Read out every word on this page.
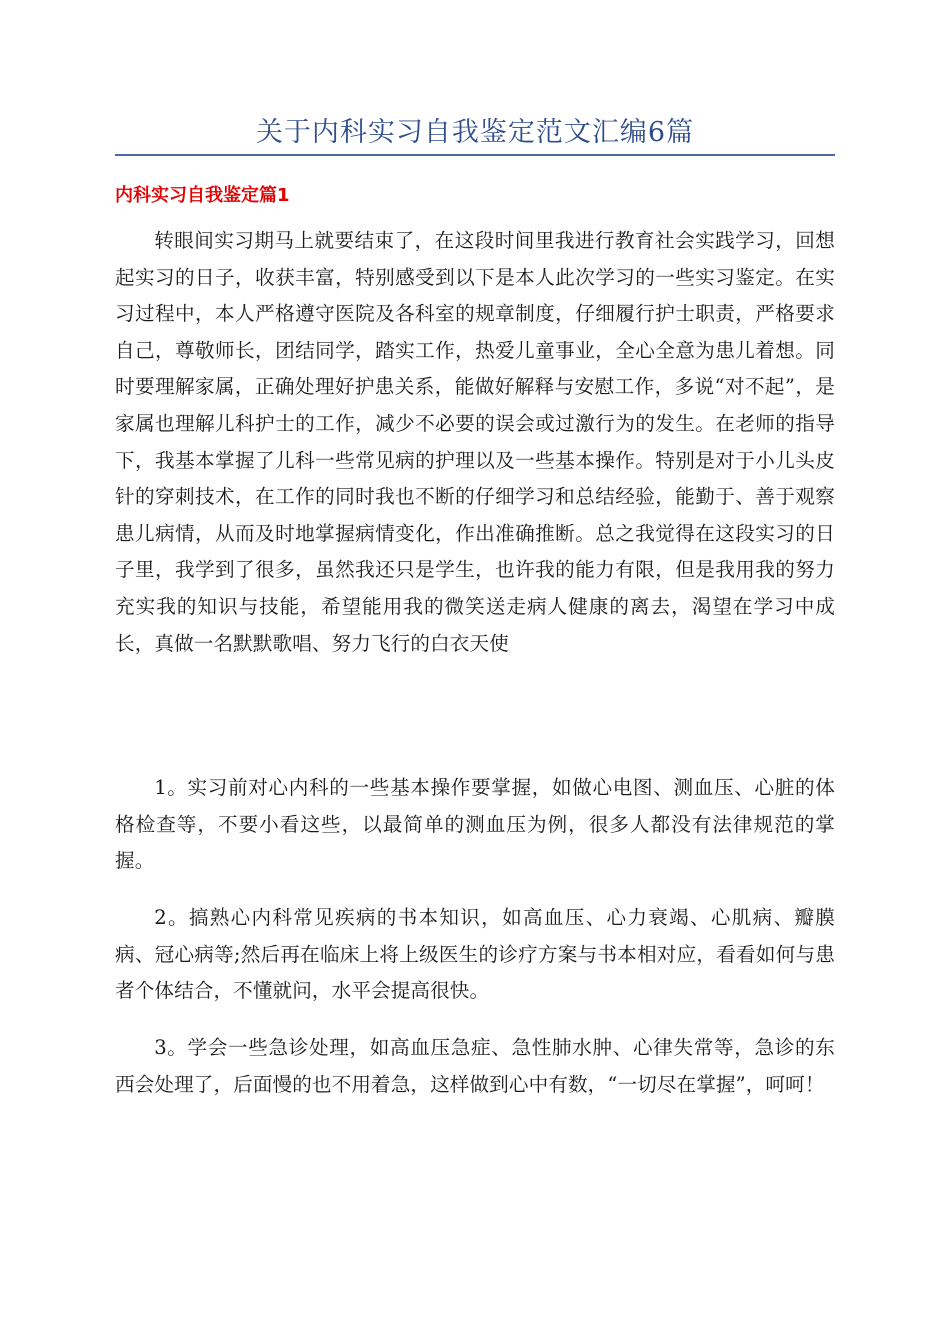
关于内科实习自我鉴定范文汇编6篇
内科实习自我鉴定篇1

转眼间实习期马上就要结束了，在这段时间里我进行教育社会实践学习，回想起实习的日子，收获丰富，特别感受到以下是本人此次学习的一些实习鉴定。在实习过程中，本人严格遵守医院及各科室的规章制度，仔细履行护士职责，严格要求自己，尊敬师长，团结同学，踏实工作，热爱儿童事业，全心全意为患儿着想。同时要理解家属，正确处理好护患关系，能做好解释与安慰工作，多说“对不起”，是家属也理解儿科护士的工作，减少不必要的误会或过激行为的发生。在老师的指导下，我基本掌握了儿科一些常见病的护理以及一些基本操作。特别是对于小儿头皮针的穿刺技术，在工作的同时我也不断的仔细学习和总结经验，能勤于、善于观察患儿病情，从而及时地掌握病情变化，作出准确推断。总之我觉得在这段实习的日子里，我学到了很多，虽然我还只是学生，也许我的能力有限，但是我用我的努力充实我的知识与技能，希望能用我的微笑送走病人健康的离去，渴望在学习中成长，真做一名默默歌唱、努力飞行的白衣天使

1。实习前对心内科的一些基本操作要掌握，如做心电图、测血压、心脏的体格检查等，不要小看这些，以最简单的测血压为例，很多人都没有法律规范的掌握。

2。搞熟心内科常见疾病的书本知识，如高血压、心力衰竭、心肌病、瓣膜病、冠心病等;然后再在临床上将上级医生的诊疗方案与书本相对应，看看如何与患者个体结合，不懂就问，水平会提高很快。

3。学会一些急诊处理，如高血压急症、急性肺水肿、心律失常等，急诊的东西会处理了，后面慢的也不用着急，这样做到心中有数，“一切尽在掌握”，呵呵！
